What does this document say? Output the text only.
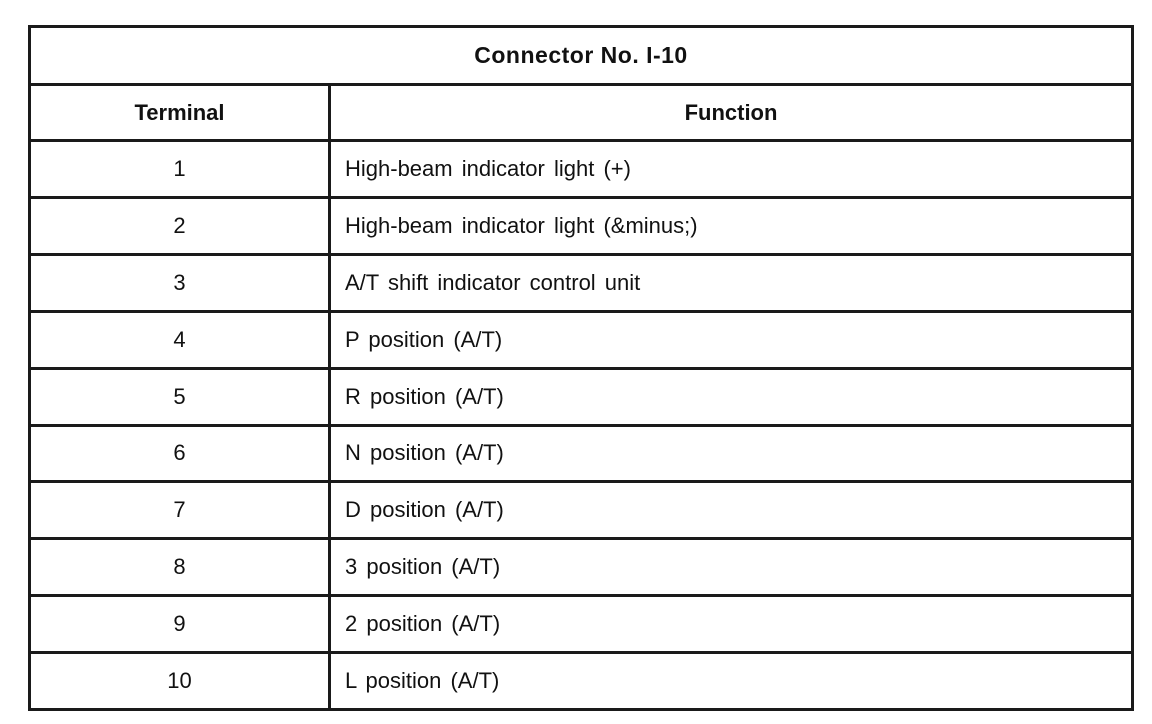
Connector No. I-10
Terminal	Function
1	High-beam indicator light (+)
2	High-beam indicator light (&minus;)
3	A/T shift indicator control unit
4	P position (A/T)
5	R position (A/T)
6	N position (A/T)
7	D position (A/T)
8	3 position (A/T)
9	2 position (A/T)
10	L position (A/T)
